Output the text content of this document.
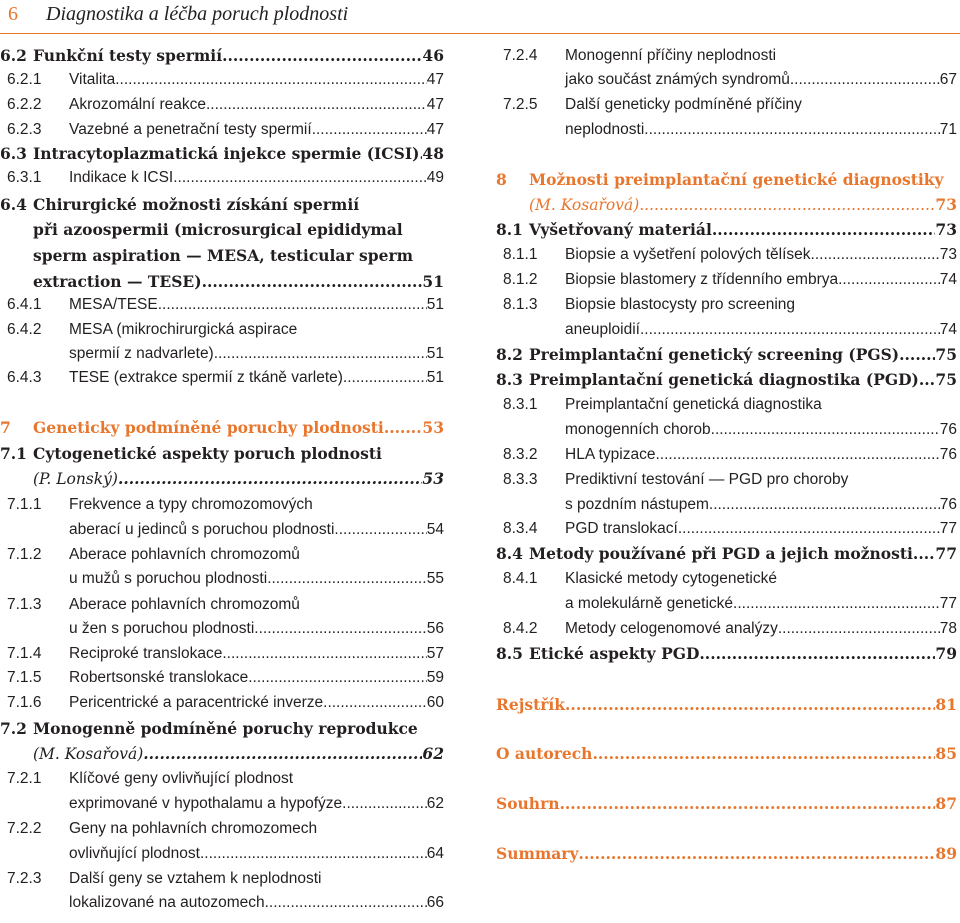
6 Diagnostika a léčba poruch plodnosti
6.2 Funkční testy spermií .....	46
6.2.1	Vitalita .....	47
6.2.2	Akrozomální reakce .....	47
6.2.3	Vazebné a penetrační testy spermií .....	47
6.3 Intracytoplazmatická injekce spermie (ICSI) ..... 48
6.3.1	Indikace k ICSI .....	49
6.4 Chirurgické možnosti získání spermií
při azoospermii (microsurgical epididymal
sperm aspiration — MESA, testicular sperm
extraction — TESE) .....	51
6.4.1	MESA/TESE .....	51
6.4.2	MESA (mikrochirurgická aspirace
spermií z nadvarlete) .....	51
6.4.3	TESE (extrakce spermií z tkáně varlete) .....	51
7	Geneticky podmíněné poruchy plodnosti ..... 53
7.1 Cytogenetické aspekty poruch plodnosti
(P. Lonský) .....	53
7.1.1	Frekvence a typy chromozomových
aberací u jedinců s poruchou plodnosti .....	54
7.1.2	Aberace pohlavních chromozomů
u mužů s poruchou plodnosti .....	55
7.1.3	Aberace pohlavních chromozomů
u žen s poruchou plodnosti .....	56
7.1.4	Reciproké translokace .....	57
7.1.5	Robertsonské translokace .....	59
7.1.6	Pericentrické a paracentrické inverze .....	60
7.2 Monogenně podmíněné poruchy reprodukce
(M. Kosařová) .....	62
7.2.1	Klíčové geny ovlivňující plodnost
exprimované v hypothalamu a hypofýze .....	62
7.2.2	Geny na pohlavních chromozomech
ovlivňující plodnost .....	64
7.2.3	Další geny se vztahem k neplodnosti
lokalizované na autozomech .....	66
7.2.4	Monogenní příčiny neplodnosti
jako součást známých syndromů .....	67
7.2.5	Další geneticky podmíněné příčiny
neplodnosti .....	71
8	Možnosti preimplantační genetické diagnostiky
(M. Kosařová) .....	73
8.1 Vyšetřovaný materiál .....	73
8.1.1	Biopsie a vyšetření polových tělísek .....	73
8.1.2	Biopsie blastomery z třídenního embrya .....	74
8.1.3	Biopsie blastocysty pro screening
aneuploidií .....	74
8.2 Preimplantační genetický screening (PGS) ..... 75
8.3 Preimplantační genetická diagnostika (PGD) ..... 75
8.3.1	Preimplantační genetická diagnostika
monogenních chorob .....	76
8.3.2	HLA typizace .....	76
8.3.3	Prediktivní testování — PGD pro choroby
s pozdním nástupem .....	76
8.3.4	PGD translokací .....	77
8.4 Metody používané při PGD a jejich možnosti ..... 77
8.4.1	Klasické metody cytogenetické
a molekulárně genetické .....	77
8.4.2	Metody celogenomové analýzy .....	78
8.5 Etické aspekty PGD .....	79
Rejstřík .....	81
O autorech .....	85
Souhrn .....	87
Summary .....	89
